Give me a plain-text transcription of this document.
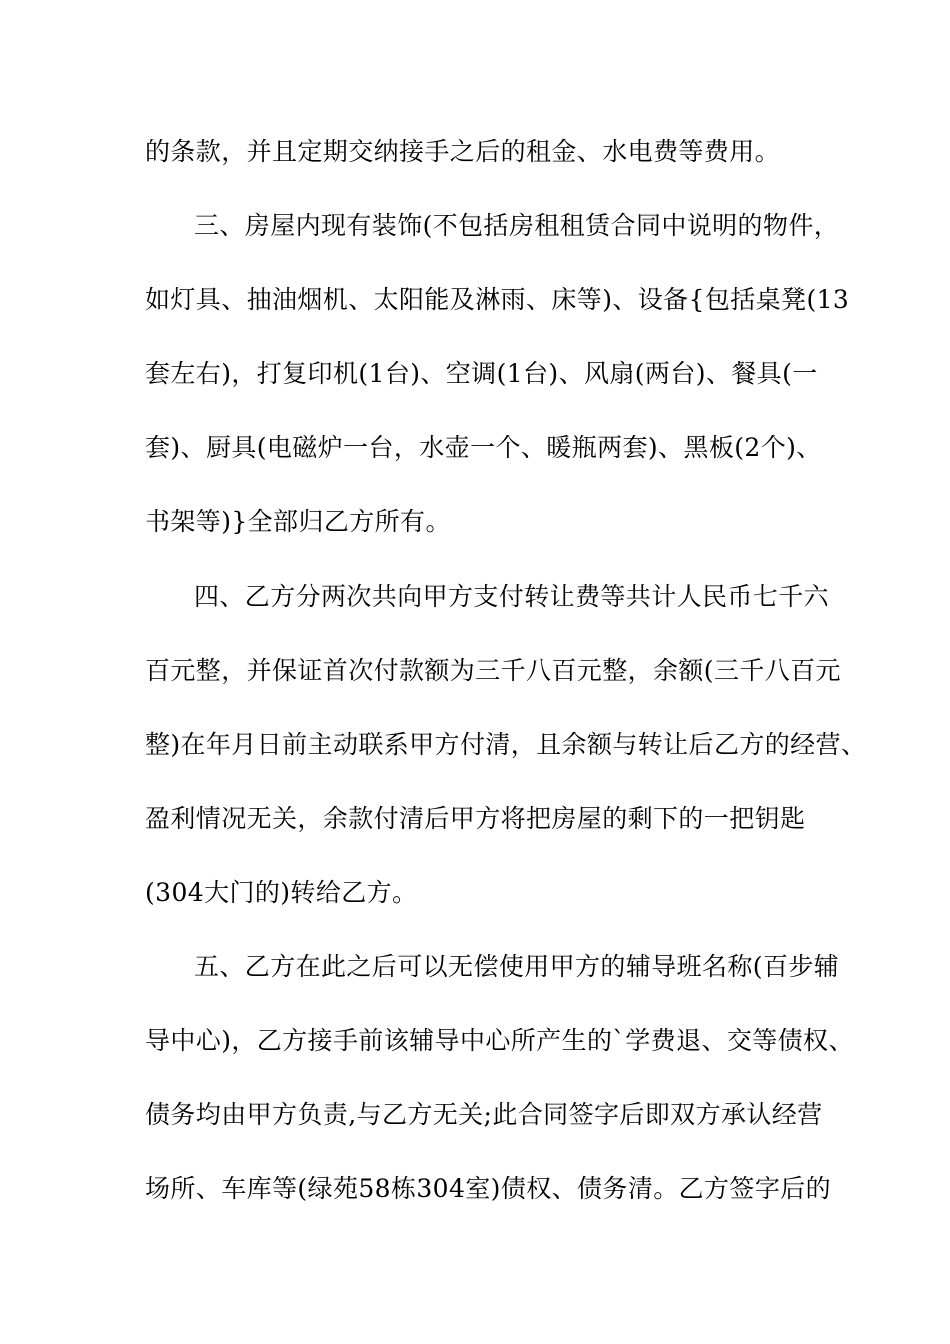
的条款，并且定期交纳接手之后的租金、水电费等费用。
三、房屋内现有装饰(不包括房租租赁合同中说明的物件，
如灯具、抽油烟机、太阳能及淋雨、床等)、设备{包括桌凳(13
套左右)，打复印机(1台)、空调(1台)、风扇(两台)、餐具(一
套)、厨具(电磁炉一台，水壶一个、暖瓶两套)、黑板(2个)、
书架等)}全部归乙方所有。
四、乙方分两次共向甲方支付转让费等共计人民币七千六
百元整，并保证首次付款额为三千八百元整，余额(三千八百元
整)在年月日前主动联系甲方付清，且余额与转让后乙方的经营、
盈利情况无关，余款付清后甲方将把房屋的剩下的一把钥匙
(304大门的)转给乙方。
五、乙方在此之后可以无偿使用甲方的辅导班名称(百步辅
导中心)，乙方接手前该辅导中心所产生的`学费退、交等债权、
债务均由甲方负责,与乙方无关;此合同签字后即双方承认经营
场所、车库等(绿苑58栋304室)债权、债务清。乙方签字后的
